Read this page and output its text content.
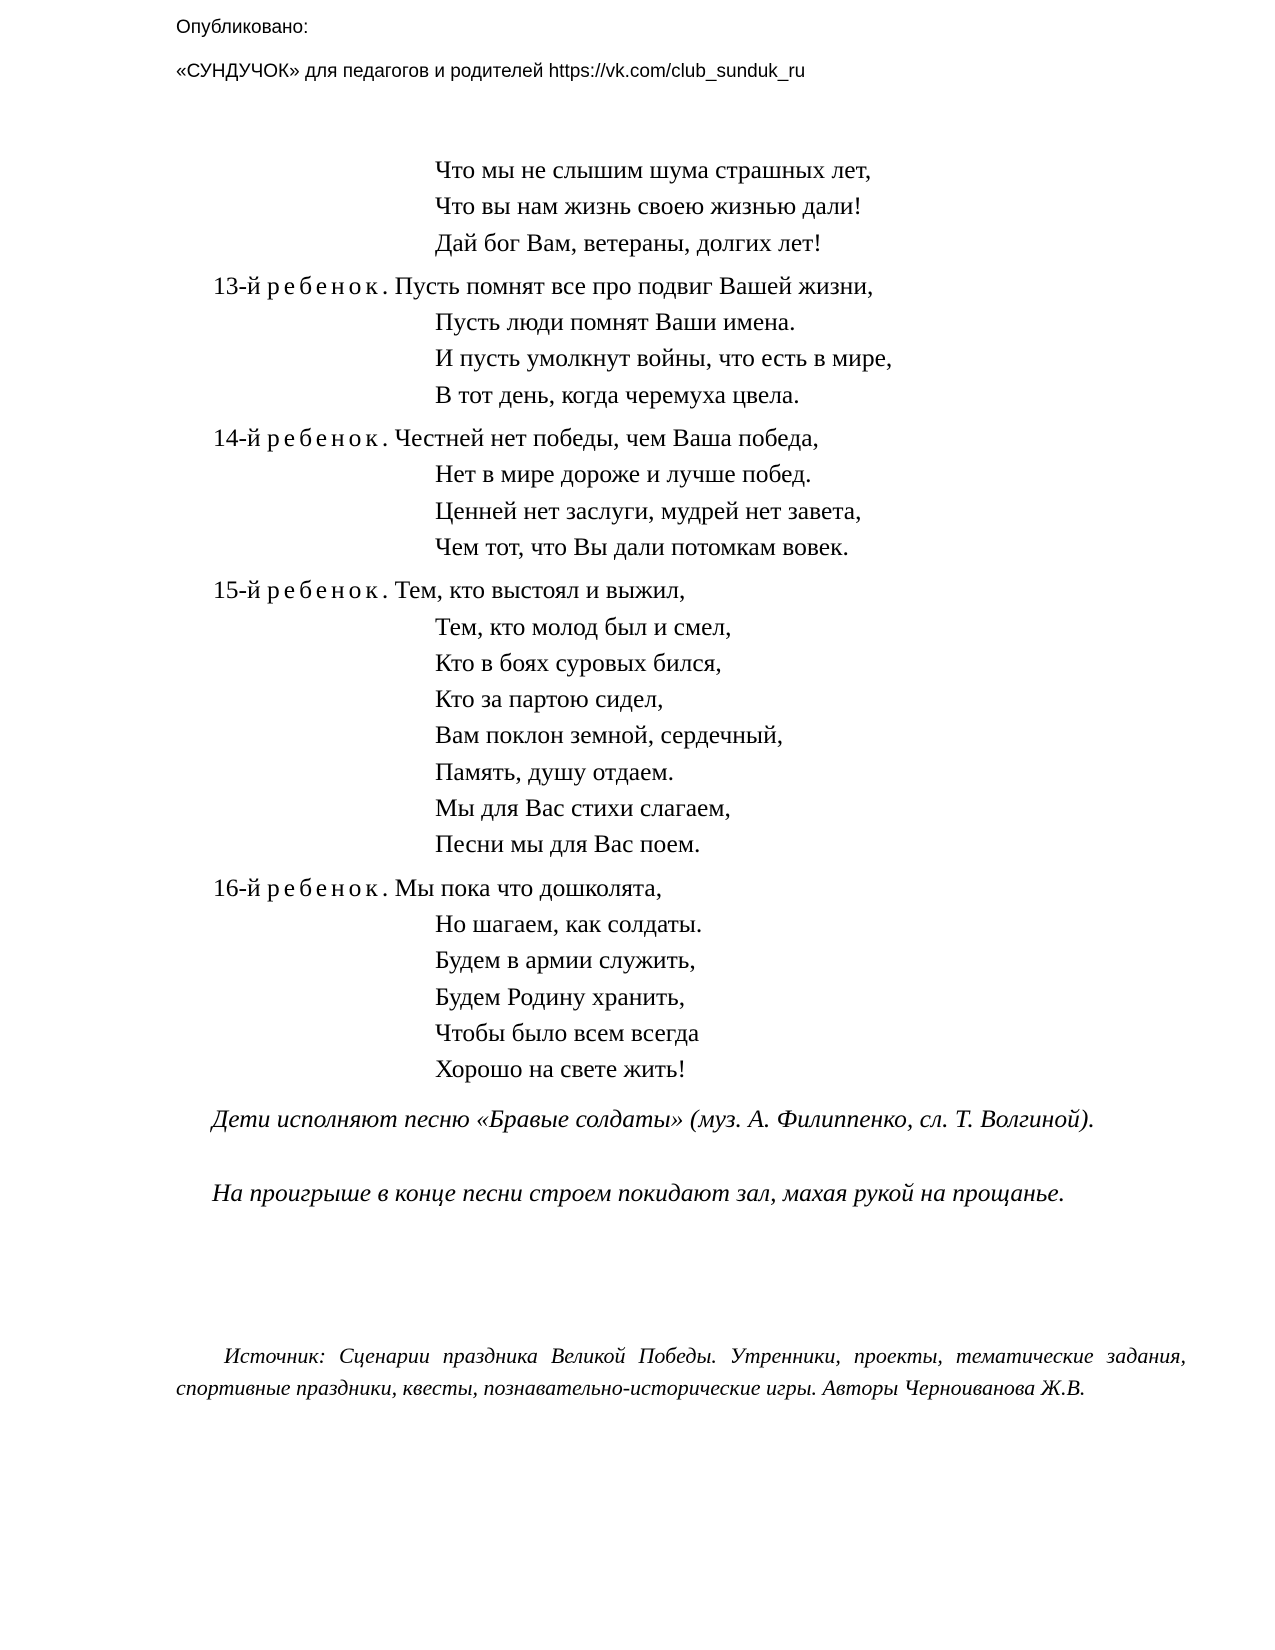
Опубликовано:
«СУНДУЧОК» для педагогов и родителей https://vk.com/club_sunduk_ru
Что мы не слышим шума страшных лет,
Что вы нам жизнь своею жизнью дали!
Дай бог Вам, ветераны, долгих лет!
13-й ребенок. Пусть помнят все про подвиг Вашей жизни,
Пусть люди помнят Ваши имена.
И пусть умолкнут войны, что есть в мире,
В тот день, когда черемуха цвела.
14-й ребенок. Честней нет победы, чем Ваша победа,
Нет в мире дороже и лучше побед.
Ценней нет заслуги, мудрей нет завета,
Чем тот, что Вы дали потомкам вовек.
15-й ребенок. Тем, кто выстоял и выжил,
Тем, кто молод был и смел,
Кто в боях суровых бился,
Кто за партою сидел,
Вам поклон земной, сердечный,
Память, душу отдаем.
Мы для Вас стихи слагаем,
Песни мы для Вас поем.
16-й ребенок. Мы пока что дошколята,
Но шагаем, как солдаты.
Будем в армии служить,
Будем Родину хранить,
Чтобы было всем всегда
Хорошо на свете жить!

Дети исполняют песню «Бравые солдаты» (муз. А. Филиппенко, сл. Т. Волгиной).

На проигрыше в конце песни строем покидают зал, махая рукой на прощанье.

Источник: Сценарии праздника Великой Победы. Утренники, проекты, тематические задания, спортивные праздники, квесты, познавательно-исторические игры. Авторы Черноиванова Ж.В.
